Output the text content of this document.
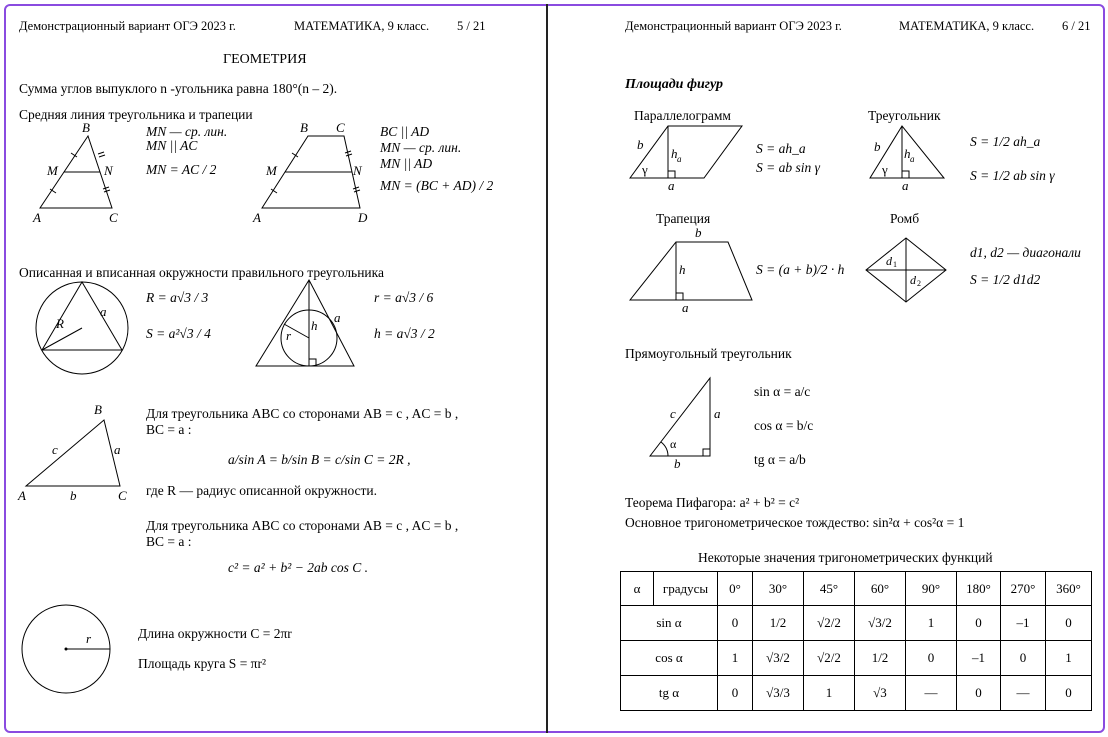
Демонстрационный вариант ОГЭ 2023 г.	МАТЕМАТИКА, 9 класс. 5 / 21
ГЕОМЕТРИЯ
Сумма углов выпуклого n -угольника равна 180°(n – 2).
Средняя линия треугольника и трапеции
B
M	N
A	C
MN — ср. лин.
MN || AC
MN = AC / 2
B C
M	N
A	D
BC || AD
MN — ср. лин.
MN || AD
MN = (BC + AD) / 2
Описанная и вписанная окружности правильного треугольника
R
a
R = a√3 / 3
S = a²√3 / 4
h
r
a
r = a√3 / 6
h = a√3 / 2
B
A	C
c	a
b
Для треугольника ABC со сторонами AB = c , AC = b , BC = a :
a/sin A = b/sin B = c/sin C = 2R ,
где R — радиус описанной окружности.
Для треугольника ABC со сторонами AB = c , AC = b , BC = a :
c² = a² + b² − 2ab cos C .
r	Длина окружности C = 2πr
Площадь круга S = πr²
Демонстрационный вариант ОГЭ 2023 г.	МАТЕМАТИКА, 9 класс. 6 / 21
Площади фигур
Параллелограмм
b
h a
γ
a
S = ah_a
S = ab sin γ
Треугольник
b h a
γ
a
S = 1/2 ah_a
S = 1/2 ab sin γ
Трапеция
b
h
a
S = (a + b)/2 · h
Ромб
d 1
d 2
d1, d2 — диагонали
S = 1/2 d1d2
Прямоугольный треугольник
c	a
b
α
sin α = a/c
cos α = b/c
tg α = a/b
Теорема Пифагора: a² + b² = c²
Основное тригонометрическое тождество: sin²α + cos²α = 1
Некоторые значения тригонометрических функций
α	градусы	0°	30°	45°	60°	90°	180°	270°	360°
sin α		0	1/2	√2/2	√3/2	1	0	–1	0
cos α		1	√3/2	√2/2	1/2	0	–1	0	1
tg α		0	√3/3	1	√3	—	0	—	0
